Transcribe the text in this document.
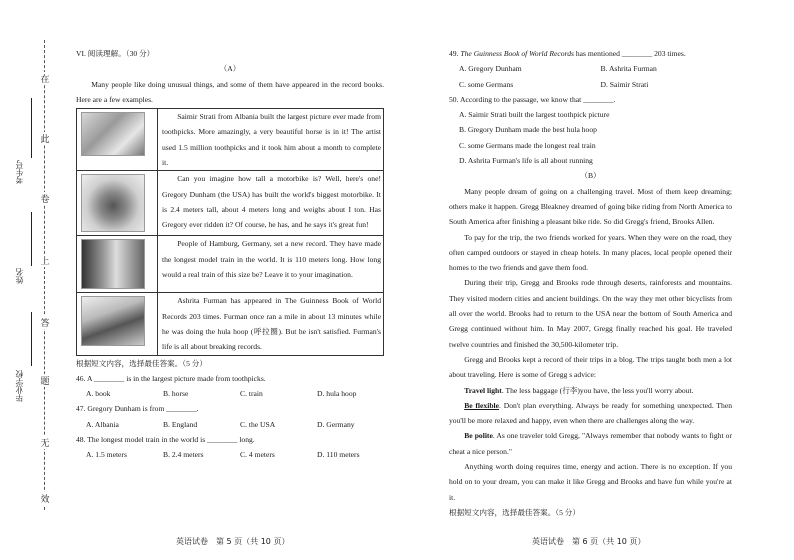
在
此
卷
上
答
题
无
效
考生号
姓名
毕业学校

VI. 阅读理解。（30 分）

（A）

Many people like doing unusual things, and some of them have appeared in the record books. Here are a few examples.

	Saimir Strati from Albania built the largest picture ever made from toothpicks. More amazingly, a very beautiful horse is in it! The artist used 1.5 million toothpicks and it took him about a month to complete it.

	Can you imagine how tall a motorbike is? Well, here's one! Gregory Dunham (the USA) has built the world's biggest motorbike. It is 2.4 meters tall, about 4 meters long and weighs about I ton. Has Gregory ever ridden it? Of course, he has, and he says it's great fun!

	People of Hamburg, Germany, set a new record. They have made the longest model train in the world. It is 110 meters long. How long would a real train of this size be? Leave it to your imagination.

	Ashrita Furman has appeared in The Guinness Book of World Records 203 times. Furman once ran a mile in about 13 minutes while he was doing the hula hoop (呼拉圈). But he isn't satisfied. Furman's life is all about breaking records.

根据短文内容，选择最佳答案。（5 分）

46. A ________ is in the largest picture made from toothpicks.

A. book	B. horse	C. train	D. hula hoop

47. Gregory Dunham is from ________.

A. Albania	B. England	C. the USA	D. Germany

48. The longest model train in the world is ________ long.

A. 1.5 meters	B. 2.4 meters	C. 4 meters	D. 110 meters
英语试卷　第 5 页（共 10 页）

49. The Guinness Book of World Records has mentioned ________ 203 times.

A. Gregory Dunham	B. Ashrita Furman
C. some Germans	D. Saimir Strati

50. According to the passage, we know that ________.

A. Saimir Strati built the largest toothpick picture

B. Gregory Dunham made the best hula hoop

C. some Germans made the longest real train

D. Ashrita Furman's life is all about running

（B）

Many people dream of going on a challenging travel. Most of them keep dreaming; others make it happen. Gregg Bleakney dreamed of going bike riding from North America to South America after finishing a pleasant bike ride. So did Gregg's friend, Brooks Allen.

To pay for the trip, the two friends worked for years. When they were on the road, they often camped outdoors or stayed in cheap hotels. In many places, local people opened their homes to the two friends and gave them food.

During their trip, Gregg and Brooks rode through deserts, rainforests and mountains. They visited modern cities and ancient buildings. On the way they met other bicyclists from all over the world. Brooks had to return to the USA near the bottom of South America and Gregg continued without him. In May 2007, Gregg finally reached his goal. He traveled twelve countries and finished the 30,500-kilometer trip.

Gregg and Brooks kept a record of their trips in a blog. The trips taught both men a lot about traveling. Here is some of Gregg s advice:

Travel light. The less baggage (行李)you have, the less you'll worry about.

Be flexible. Don't plan everything. Always be ready for something unexpected. Then you'll be more relaxed and happy, even when there are challenges along the way.

Be polite. As one traveler told Gregg, "Always remember that nobody wants to fight or cheat a nice person."

Anything worth doing requires time, energy and action. There is no exception. If you hold on to your dream, you can make it like Gregg and Brooks and have fun while you're at it.

根据短文内容，选择最佳答案。（5 分）

英语试卷　第 6 页（共 10 页）
